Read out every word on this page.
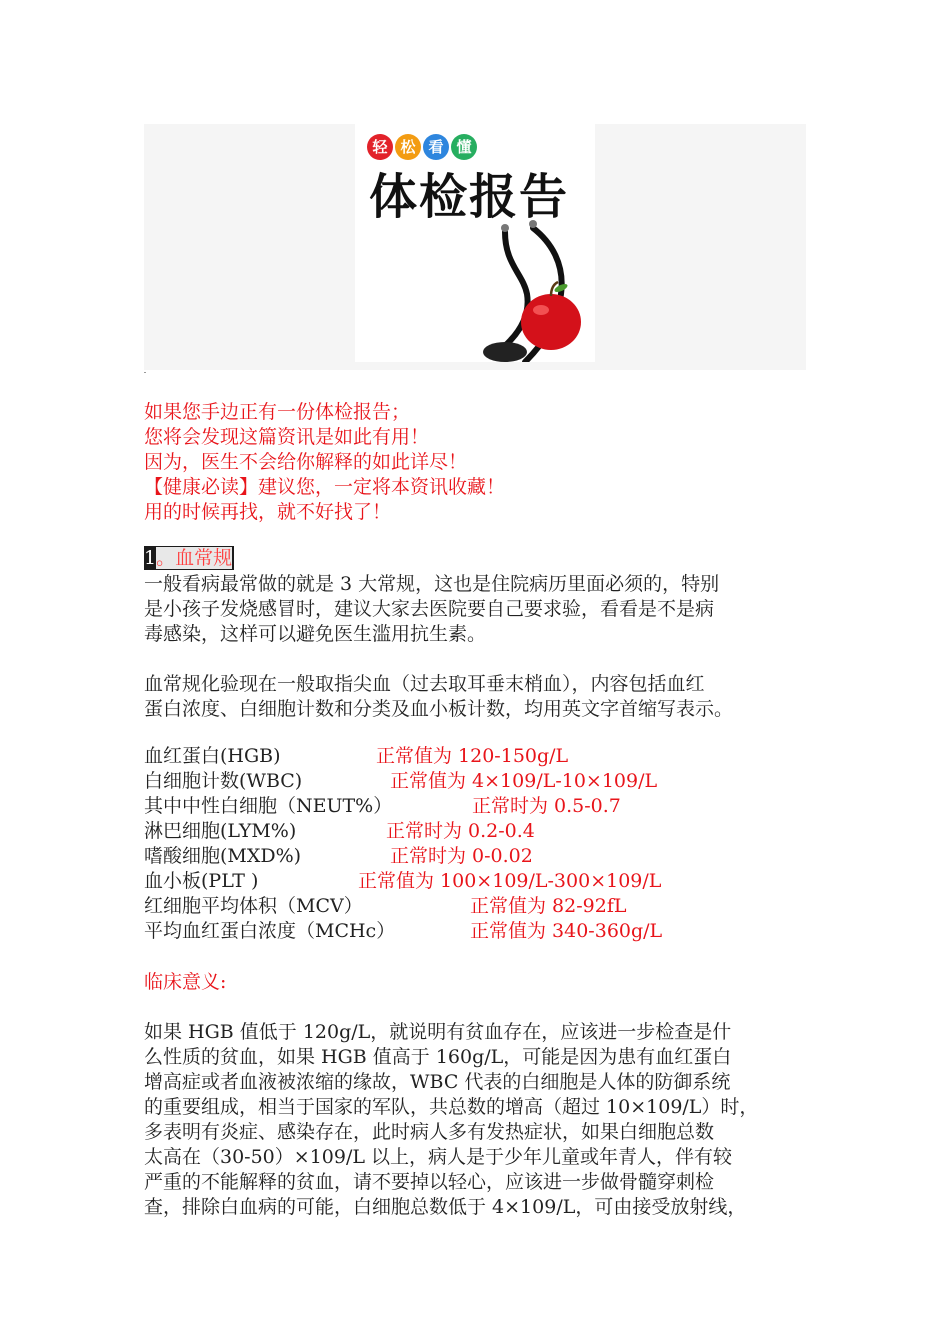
轻 松 看 懂
体检报告
如果您手边正有一份体检报告；
您将会发现这篇资讯是如此有用！
因为，医生不会给你解释的如此详尽！
【健康必读】建议您，一定将本资讯收藏！
用的时候再找，就不好找了！
1。血常规
一般看病最常做的就是 3 大常规，这也是住院病历里面必须的，特别
是小孩子发烧感冒时，建议大家去医院要自己要求验，看看是不是病
毒感染，这样可以避免医生滥用抗生素。
血常规化验现在一般取指尖血（过去取耳垂末梢血），内容包括血红
蛋白浓度、白细胞计数和分类及血小板计数，均用英文字首缩写表示。
血红蛋白(HGB)	正常值为 120-150g/L
白细胞计数(WBC)	正常值为 4×109/L-10×109/L
其中中性白细胞（NEUT%）	正常时为 0.5-0.7
淋巴细胞(LYM%)	正常时为 0.2-0.4
嗜酸细胞(MXD%)	正常时为 0-0.02
血小板(PLT )	正常值为 100×109/L-300×109/L
红细胞平均体积（MCV）	正常值为 82-92fL
平均血红蛋白浓度（MCHc）	正常值为 340-360g/L
临床意义:
如果 HGB 值低于 120g/L，就说明有贫血存在，应该进一步检查是什
么性质的贫血，如果 HGB 值高于 160g/L，可能是因为患有血红蛋白
增高症或者血液被浓缩的缘故，WBC 代表的白细胞是人体的防御系统
的重要组成，相当于国家的军队，共总数的增高（超过 10×109/L）时，
多表明有炎症、感染存在，此时病人多有发热症状，如果白细胞总数
太高在（30-50）×109/L 以上，病人是于少年儿童或年青人，伴有较
严重的不能解释的贫血，请不要掉以轻心，应该进一步做骨髓穿刺检
查，排除白血病的可能，白细胞总数低于 4×109/L，可由接受放射线，
